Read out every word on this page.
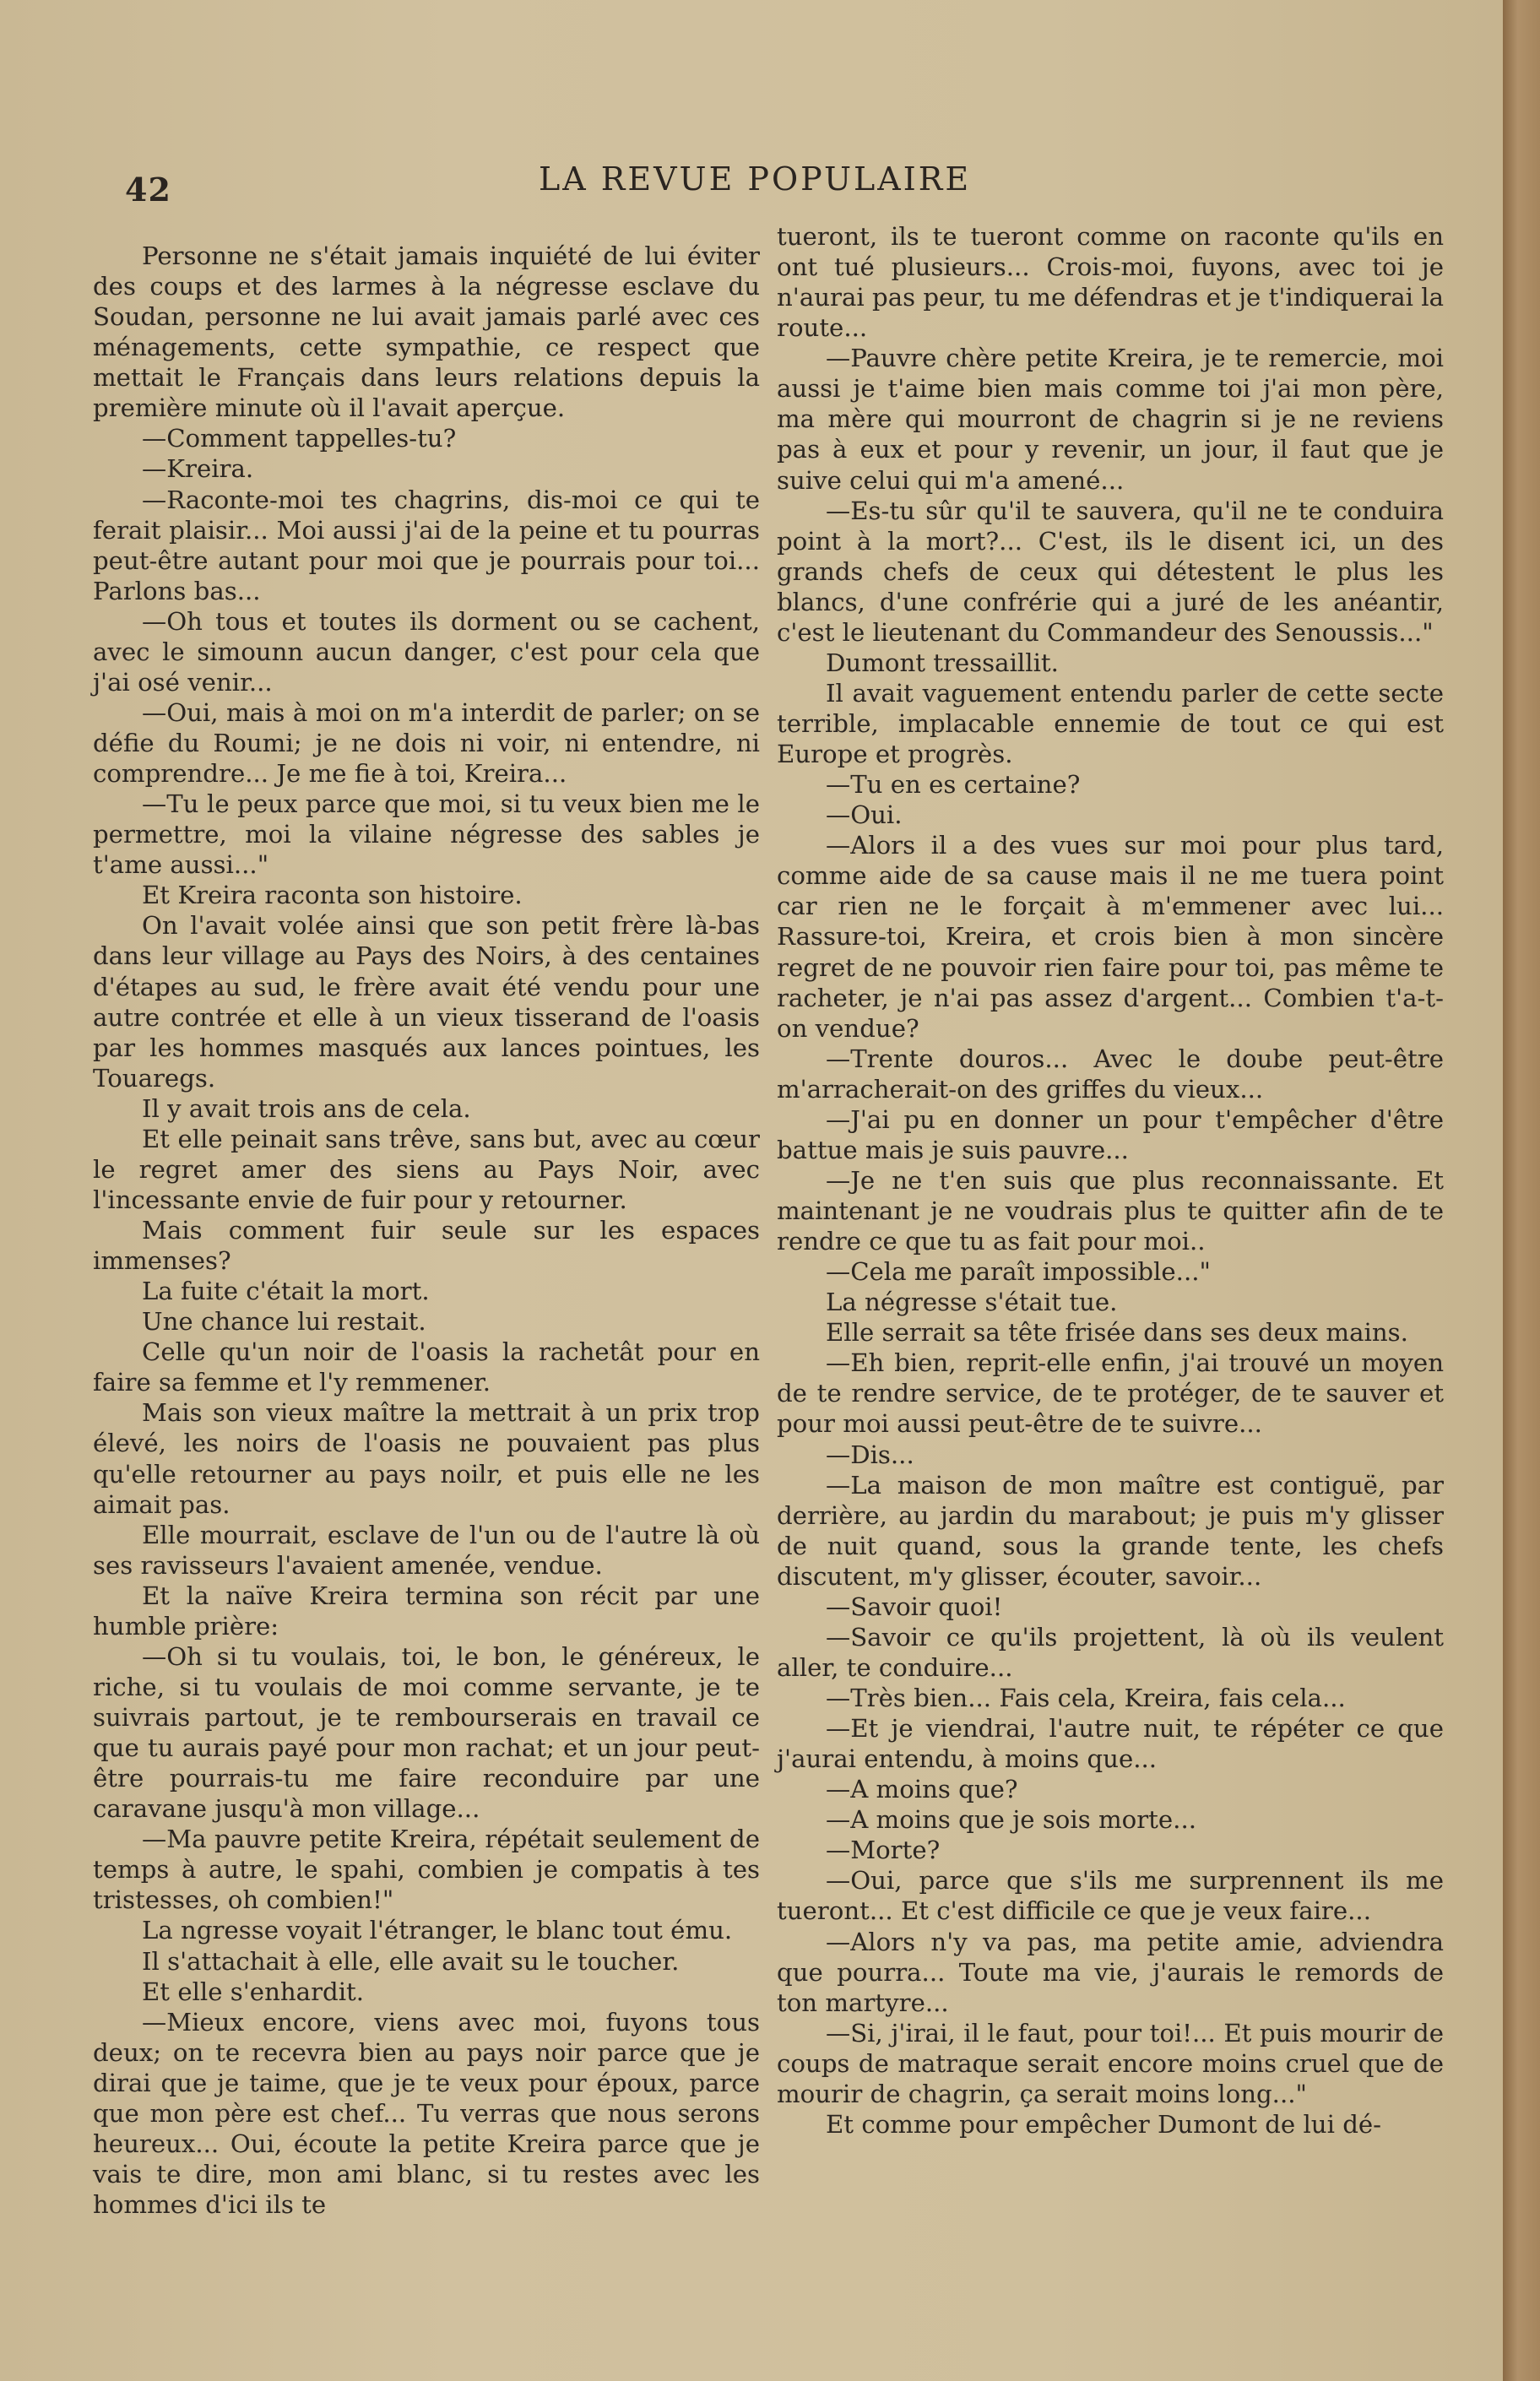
42	LA REVUE POPULAIRE

Personne ne s'était jamais inquiété de lui éviter des coups et des larmes à la négresse esclave du Soudan, personne ne lui avait jamais parlé avec ces ménagements, cette sympathie, ce respect que mettait le Français dans leurs relations depuis la première minute où il l'avait aperçue.

—Comment tappelles-tu?

—Kreira.

—Raconte-moi tes chagrins, dis-moi ce qui te ferait plaisir... Moi aussi j'ai de la peine et tu pourras peut-être autant pour moi que je pourrais pour toi... Parlons bas...

—Oh tous et toutes ils dorment ou se cachent, avec le simounn aucun danger, c'est pour cela que j'ai osé venir...

—Oui, mais à moi on m'a interdit de parler; on se défie du Roumi; je ne dois ni voir, ni entendre, ni comprendre... Je me fie à toi, Kreira...

—Tu le peux parce que moi, si tu veux bien me le permettre, moi la vilaine négresse des sables je t'ame aussi..."

Et Kreira raconta son histoire.

On l'avait volée ainsi que son petit frère là-bas dans leur village au Pays des Noirs, à des centaines d'étapes au sud, le frère avait été vendu pour une autre contrée et elle à un vieux tisserand de l'oasis par les hommes masqués aux lances pointues, les Touaregs.

Il y avait trois ans de cela.

Et elle peinait sans trêve, sans but, avec au cœur le regret amer des siens au Pays Noir, avec l'incessante envie de fuir pour y retourner.

Mais comment fuir seule sur les espaces immenses?

La fuite c'était la mort.

Une chance lui restait.

Celle qu'un noir de l'oasis la rachetât pour en faire sa femme et l'y remmener.

Mais son vieux maître la mettrait à un prix trop élevé, les noirs de l'oasis ne pouvaient pas plus qu'elle retourner au pays noilr, et puis elle ne les aimait pas.

Elle mourrait, esclave de l'un ou de l'autre là où ses ravisseurs l'avaient amenée, vendue.

Et la naïve Kreira termina son récit par une humble prière:

—Oh si tu voulais, toi, le bon, le généreux, le riche, si tu voulais de moi comme servante, je te suivrais partout, je te rembourserais en travail ce que tu aurais payé pour mon rachat; et un jour peut-être pourrais-tu me faire reconduire par une caravane jusqu'à mon village...

—Ma pauvre petite Kreira, répétait seulement de temps à autre, le spahi, combien je compatis à tes tristesses, oh combien!"

La ngresse voyait l'étranger, le blanc tout ému.

Il s'attachait à elle, elle avait su le toucher.

Et elle s'enhardit.

—Mieux encore, viens avec moi, fuyons tous deux; on te recevra bien au pays noir parce que je dirai que je taime, que je te veux pour époux, parce que mon père est chef... Tu verras que nous serons heureux... Oui, écoute la petite Kreira parce que je vais te dire, mon ami blanc, si tu restes avec les hommes d'ici ils te

tueront, ils te tueront comme on raconte qu'ils en ont tué plusieurs... Crois-moi, fuyons, avec toi je n'aurai pas peur, tu me défendras et je t'indiquerai la route...

—Pauvre chère petite Kreira, je te remercie, moi aussi je t'aime bien mais comme toi j'ai mon père, ma mère qui mourront de chagrin si je ne reviens pas à eux et pour y revenir, un jour, il faut que je suive celui qui m'a amené...

—Es-tu sûr qu'il te sauvera, qu'il ne te conduira point à la mort?... C'est, ils le disent ici, un des grands chefs de ceux qui détestent le plus les blancs, d'une confrérie qui a juré de les anéantir, c'est le lieutenant du Commandeur des Senoussis..."

Dumont tressaillit.

Il avait vaguement entendu parler de cette secte terrible, implacable ennemie de tout ce qui est Europe et progrès.

—Tu en es certaine?

—Oui.

—Alors il a des vues sur moi pour plus tard, comme aide de sa cause mais il ne me tuera point car rien ne le forçait à m'emmener avec lui... Rassure-toi, Kreira, et crois bien à mon sincère regret de ne pouvoir rien faire pour toi, pas même te racheter, je n'ai pas assez d'argent... Combien t'a-t-on vendue?

—Trente douros... Avec le doube peut-être m'arracherait-on des griffes du vieux...

—J'ai pu en donner un pour t'empêcher d'être battue mais je suis pauvre...

—Je ne t'en suis que plus reconnaissante. Et maintenant je ne voudrais plus te quitter afin de te rendre ce que tu as fait pour moi..

—Cela me paraît impossible..."

La négresse s'était tue.

Elle serrait sa tête frisée dans ses deux mains.

—Eh bien, reprit-elle enfin, j'ai trouvé un moyen de te rendre service, de te protéger, de te sauver et pour moi aussi peut-être de te suivre...

—Dis...

—La maison de mon maître est contiguë, par derrière, au jardin du marabout; je puis m'y glisser de nuit quand, sous la grande tente, les chefs discutent, m'y glisser, écouter, savoir...

—Savoir quoi!

—Savoir ce qu'ils projettent, là où ils veulent aller, te conduire...

—Très bien... Fais cela, Kreira, fais cela...

—Et je viendrai, l'autre nuit, te répéter ce que j'aurai entendu, à moins que...

—A moins que?

—A moins que je sois morte...

—Morte?

—Oui, parce que s'ils me surprennent ils me tueront... Et c'est difficile ce que je veux faire...

—Alors n'y va pas, ma petite amie, adviendra que pourra... Toute ma vie, j'aurais le remords de ton martyre...

—Si, j'irai, il le faut, pour toi!... Et puis mourir de coups de matraque serait encore moins cruel que de mourir de chagrin, ça serait moins long..."

Et comme pour empêcher Dumont de lui dé-
